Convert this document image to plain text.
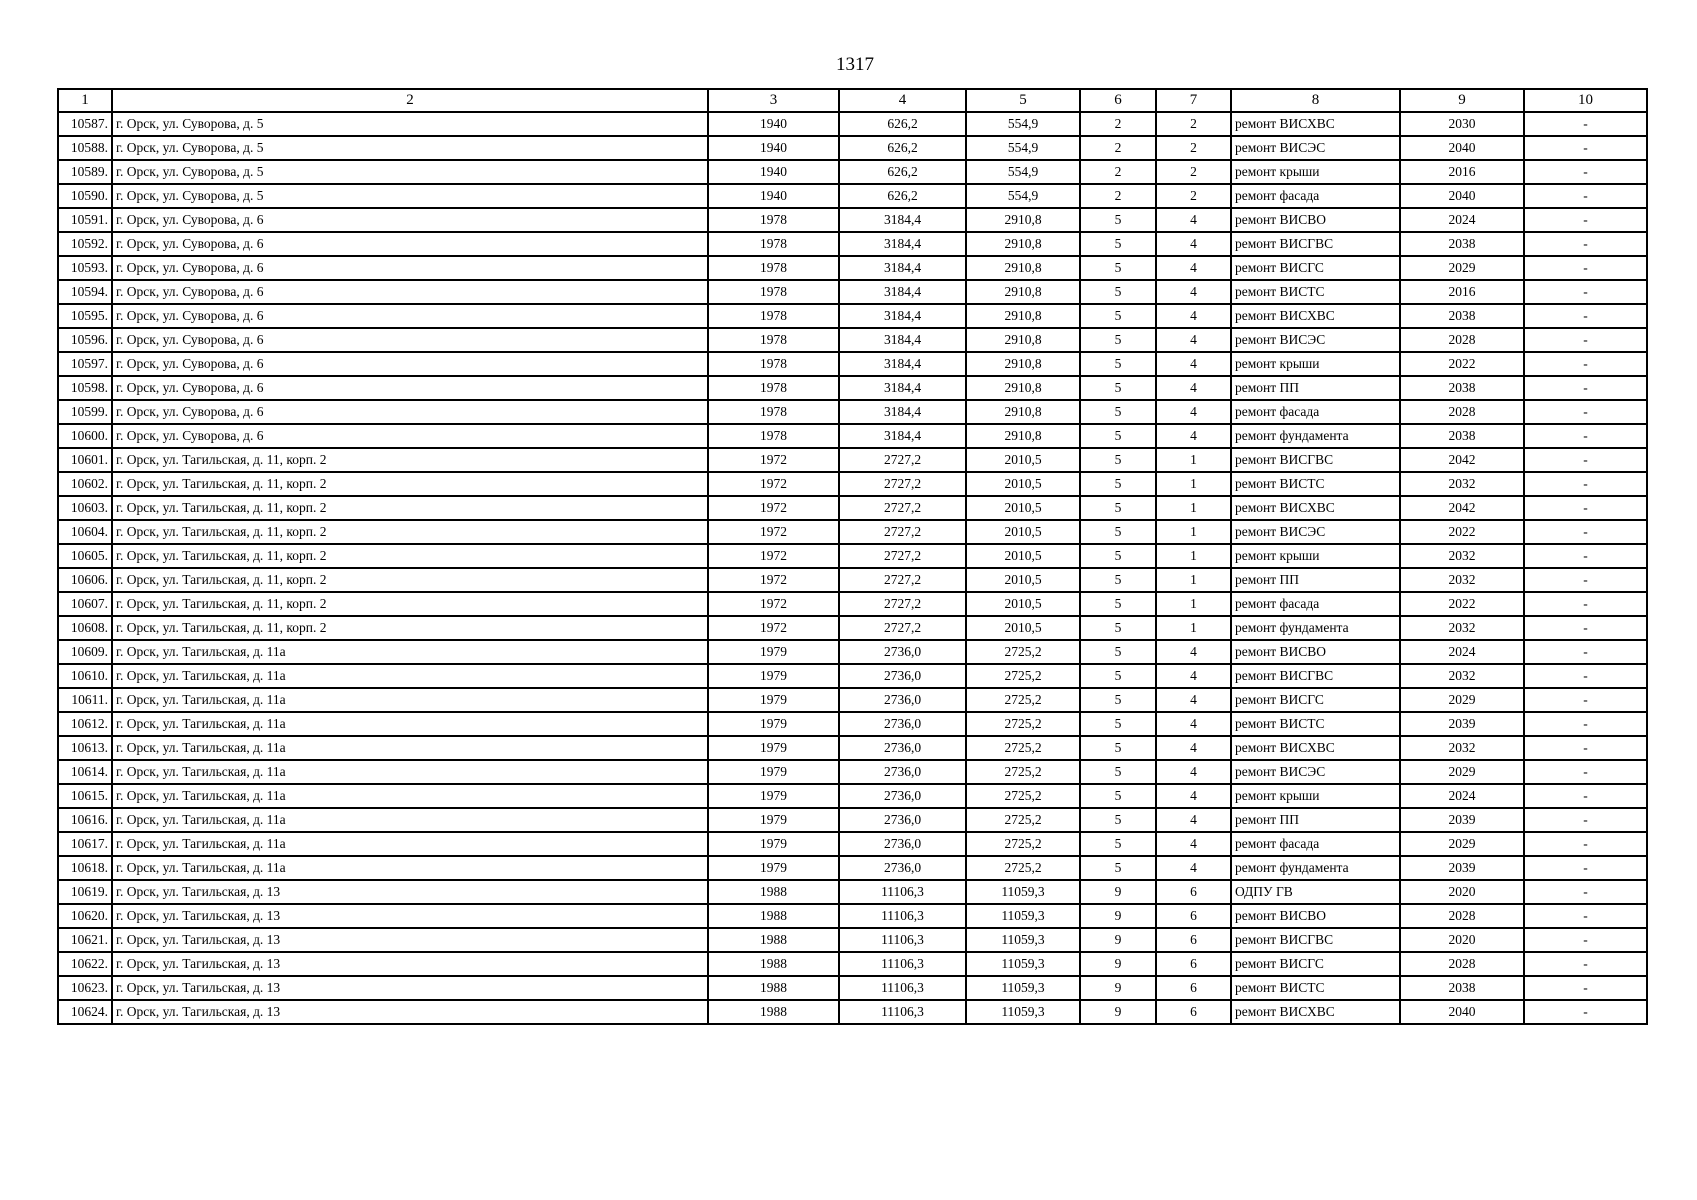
1317
1	2	3	4	5	6	7	8	9	10
10587.	г. Орск, ул. Суворова, д. 5	1940	626,2	554,9	2	2	ремонт ВИСХВС	2030	-
10588.	г. Орск, ул. Суворова, д. 5	1940	626,2	554,9	2	2	ремонт ВИСЭС	2040	-
10589.	г. Орск, ул. Суворова, д. 5	1940	626,2	554,9	2	2	ремонт крыши	2016	-
10590.	г. Орск, ул. Суворова, д. 5	1940	626,2	554,9	2	2	ремонт фасада	2040	-
10591.	г. Орск, ул. Суворова, д. 6	1978	3184,4	2910,8	5	4	ремонт ВИСВО	2024	-
10592.	г. Орск, ул. Суворова, д. 6	1978	3184,4	2910,8	5	4	ремонт ВИСГВС	2038	-
10593.	г. Орск, ул. Суворова, д. 6	1978	3184,4	2910,8	5	4	ремонт ВИСГС	2029	-
10594.	г. Орск, ул. Суворова, д. 6	1978	3184,4	2910,8	5	4	ремонт ВИСТС	2016	-
10595.	г. Орск, ул. Суворова, д. 6	1978	3184,4	2910,8	5	4	ремонт ВИСХВС	2038	-
10596.	г. Орск, ул. Суворова, д. 6	1978	3184,4	2910,8	5	4	ремонт ВИСЭС	2028	-
10597.	г. Орск, ул. Суворова, д. 6	1978	3184,4	2910,8	5	4	ремонт крыши	2022	-
10598.	г. Орск, ул. Суворова, д. 6	1978	3184,4	2910,8	5	4	ремонт ПП	2038	-
10599.	г. Орск, ул. Суворова, д. 6	1978	3184,4	2910,8	5	4	ремонт фасада	2028	-
10600.	г. Орск, ул. Суворова, д. 6	1978	3184,4	2910,8	5	4	ремонт фундамента	2038	-
10601.	г. Орск, ул. Тагильская, д. 11, корп. 2	1972	2727,2	2010,5	5	1	ремонт ВИСГВС	2042	-
10602.	г. Орск, ул. Тагильская, д. 11, корп. 2	1972	2727,2	2010,5	5	1	ремонт ВИСТС	2032	-
10603.	г. Орск, ул. Тагильская, д. 11, корп. 2	1972	2727,2	2010,5	5	1	ремонт ВИСХВС	2042	-
10604.	г. Орск, ул. Тагильская, д. 11, корп. 2	1972	2727,2	2010,5	5	1	ремонт ВИСЭС	2022	-
10605.	г. Орск, ул. Тагильская, д. 11, корп. 2	1972	2727,2	2010,5	5	1	ремонт крыши	2032	-
10606.	г. Орск, ул. Тагильская, д. 11, корп. 2	1972	2727,2	2010,5	5	1	ремонт ПП	2032	-
10607.	г. Орск, ул. Тагильская, д. 11, корп. 2	1972	2727,2	2010,5	5	1	ремонт фасада	2022	-
10608.	г. Орск, ул. Тагильская, д. 11, корп. 2	1972	2727,2	2010,5	5	1	ремонт фундамента	2032	-
10609.	г. Орск, ул. Тагильская, д. 11а	1979	2736,0	2725,2	5	4	ремонт ВИСВО	2024	-
10610.	г. Орск, ул. Тагильская, д. 11а	1979	2736,0	2725,2	5	4	ремонт ВИСГВС	2032	-
10611.	г. Орск, ул. Тагильская, д. 11а	1979	2736,0	2725,2	5	4	ремонт ВИСГС	2029	-
10612.	г. Орск, ул. Тагильская, д. 11а	1979	2736,0	2725,2	5	4	ремонт ВИСТС	2039	-
10613.	г. Орск, ул. Тагильская, д. 11а	1979	2736,0	2725,2	5	4	ремонт ВИСХВС	2032	-
10614.	г. Орск, ул. Тагильская, д. 11а	1979	2736,0	2725,2	5	4	ремонт ВИСЭС	2029	-
10615.	г. Орск, ул. Тагильская, д. 11а	1979	2736,0	2725,2	5	4	ремонт крыши	2024	-
10616.	г. Орск, ул. Тагильская, д. 11а	1979	2736,0	2725,2	5	4	ремонт ПП	2039	-
10617.	г. Орск, ул. Тагильская, д. 11а	1979	2736,0	2725,2	5	4	ремонт фасада	2029	-
10618.	г. Орск, ул. Тагильская, д. 11а	1979	2736,0	2725,2	5	4	ремонт фундамента	2039	-
10619.	г. Орск, ул. Тагильская, д. 13	1988	11106,3	11059,3	9	6	ОДПУ ГВ	2020	-
10620.	г. Орск, ул. Тагильская, д. 13	1988	11106,3	11059,3	9	6	ремонт ВИСВО	2028	-
10621.	г. Орск, ул. Тагильская, д. 13	1988	11106,3	11059,3	9	6	ремонт ВИСГВС	2020	-
10622.	г. Орск, ул. Тагильская, д. 13	1988	11106,3	11059,3	9	6	ремонт ВИСГС	2028	-
10623.	г. Орск, ул. Тагильская, д. 13	1988	11106,3	11059,3	9	6	ремонт ВИСТС	2038	-
10624.	г. Орск, ул. Тагильская, д. 13	1988	11106,3	11059,3	9	6	ремонт ВИСХВС	2040	-
